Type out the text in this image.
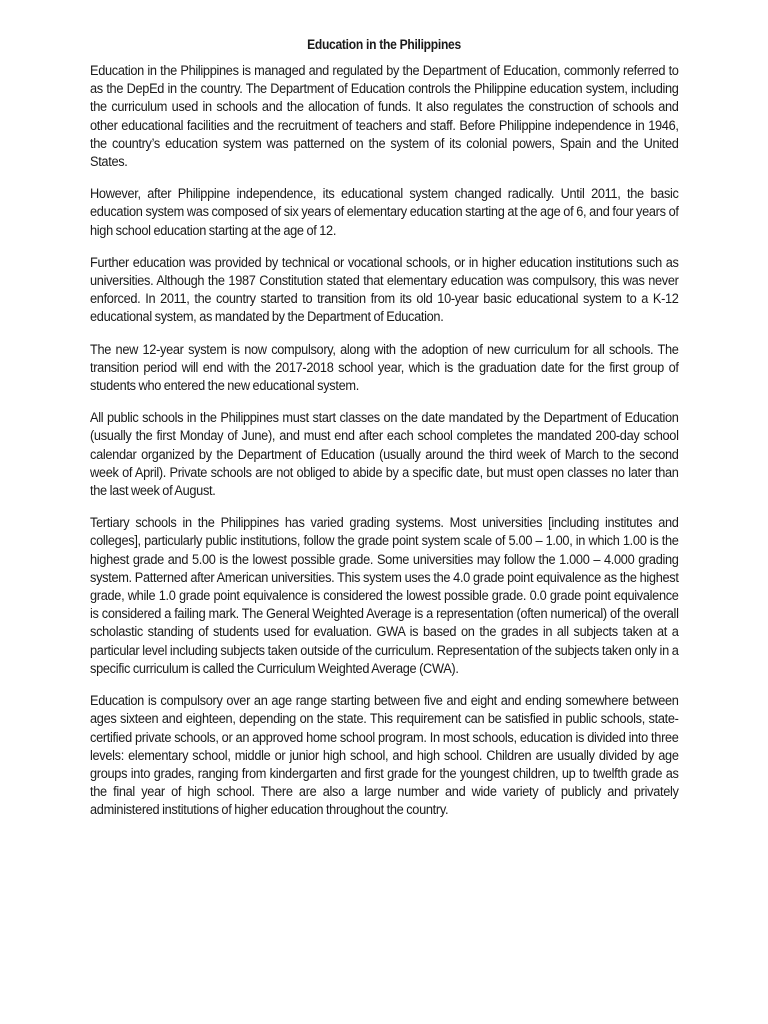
Education in the Philippines

Education in the Philippines is managed and regulated by the Department of Education, commonly referred to as the DepEd in the country. The Department of Education controls the Philippine education system, including the curriculum used in schools and the allocation of funds. It also regulates the construction of schools and other educational facilities and the recruitment of teachers and staff. Before Philippine independence in 1946, the country’s education system was patterned on the system of its colonial powers, Spain and the United States.

However, after Philippine independence, its educational system changed radically. Until 2011, the basic education system was composed of six years of elementary education starting at the age of 6, and four years of high school education starting at the age of 12.

Further education was provided by technical or vocational schools, or in higher education institutions such as universities. Although the 1987 Constitution stated that elementary education was compulsory, this was never enforced. In 2011, the country started to transition from its old 10-year basic educational system to a K-12 educational system, as mandated by the Department of Education.

The new 12-year system is now compulsory, along with the adoption of new curriculum for all schools. The transition period will end with the 2017-2018 school year, which is the graduation date for the first group of students who entered the new educational system.

All public schools in the Philippines must start classes on the date mandated by the Department of Education (usually the first Monday of June), and must end after each school completes the mandated 200-day school calendar organized by the Department of Education (usually around the third week of March to the second week of April). Private schools are not obliged to abide by a specific date, but must open classes no later than the last week of August.

Tertiary schools in the Philippines has varied grading systems. Most universities [including institutes and colleges], particularly public institutions, follow the grade point system scale of 5.00 – 1.00, in which 1.00 is the highest grade and 5.00 is the lowest possible grade. Some universities may follow the 1.000 – 4.000 grading system. Patterned after American universities. This system uses the 4.0 grade point equivalence as the highest grade, while 1.0 grade point equivalence is considered the lowest possible grade. 0.0 grade point equivalence is considered a failing mark. The General Weighted Average is a representation (often numerical) of the overall scholastic standing of students used for evaluation. GWA is based on the grades in all subjects taken at a particular level including subjects taken outside of the curriculum. Representation of the subjects taken only in a specific curriculum is called the Curriculum Weighted Average (CWA).

Education is compulsory over an age range starting between five and eight and ending somewhere between ages sixteen and eighteen, depending on the state. This requirement can be satisfied in public schools, state-certified private schools, or an approved home school program. In most schools, education is divided into three levels: elementary school, middle or junior high school, and high school. Children are usually divided by age groups into grades, ranging from kindergarten and first grade for the youngest children, up to twelfth grade as the final year of high school. There are also a large number and wide variety of publicly and privately administered institutions of higher education throughout the country.
